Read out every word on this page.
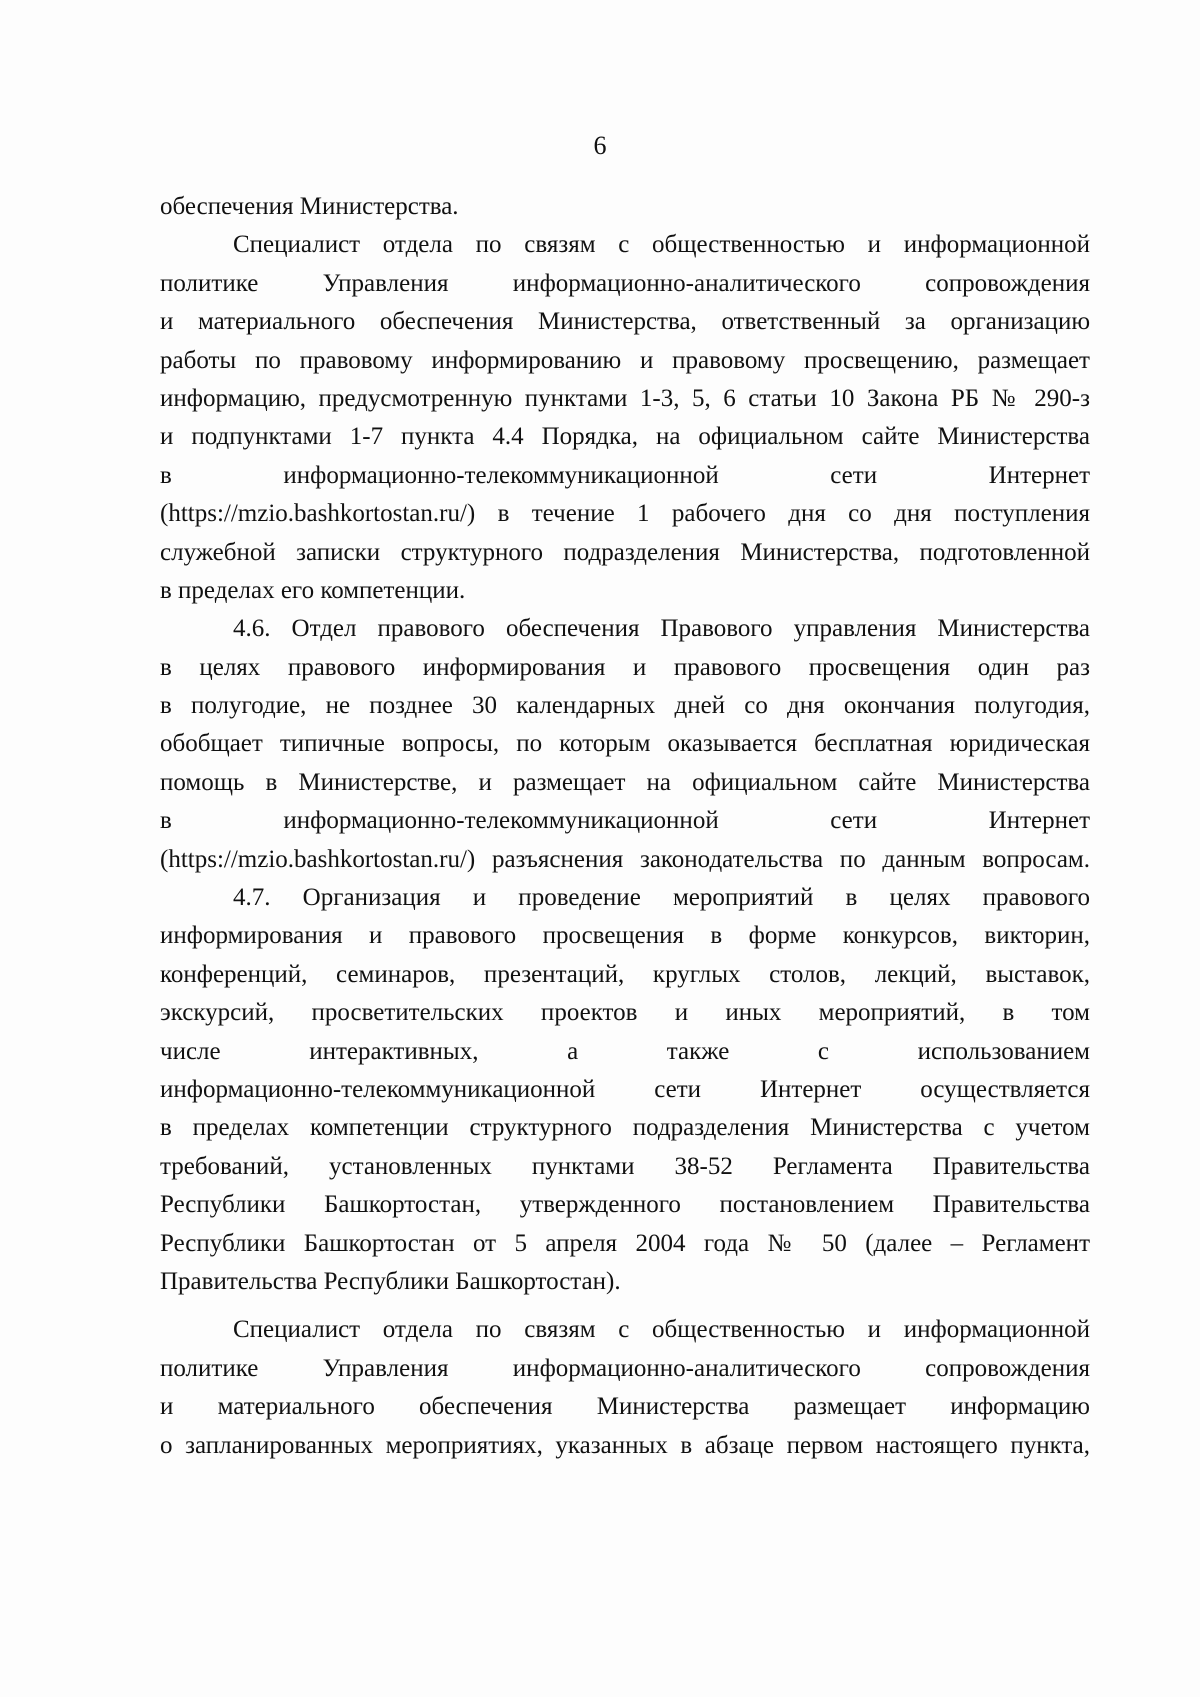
6
обеспечения Министерства.
Специалист отдела по связям с общественностью и информационной
политике Управления информационно-аналитического сопровождения
и материального обеспечения Министерства, ответственный за организацию
работы по правовому информированию и правовому просвещению, размещает
информацию, предусмотренную пунктами 1-3, 5, 6 статьи 10 Закона РБ № 290-з
и подпунктами 1-7 пункта 4.4 Порядка, на официальном сайте Министерства
в информационно-телекоммуникационной сети Интернет
(https://mzio.bashkortostan.ru/) в течение 1 рабочего дня со дня поступления
служебной записки структурного подразделения Министерства, подготовленной
в пределах его компетенции.
4.6. Отдел правового обеспечения Правового управления Министерства
в целях правового информирования и правового просвещения один раз
в полугодие, не позднее 30 календарных дней со дня окончания полугодия,
обобщает типичные вопросы, по которым оказывается бесплатная юридическая
помощь в Министерстве, и размещает на официальном сайте Министерства
в информационно-телекоммуникационной сети Интернет
(https://mzio.bashkortostan.ru/) разъяснения законодательства по данным вопросам.
4.7. Организация и проведение мероприятий в целях правового
информирования и правового просвещения в форме конкурсов, викторин,
конференций, семинаров, презентаций, круглых столов, лекций, выставок,
экскурсий, просветительских проектов и иных мероприятий, в том
числе интерактивных, а также с использованием
информационно-телекоммуникационной сети Интернет осуществляется
в пределах компетенции структурного подразделения Министерства с учетом
требований, установленных пунктами 38-52 Регламента Правительства
Республики Башкортостан, утвержденного постановлением Правительства
Республики Башкортостан от 5 апреля 2004 года № 50 (далее – Регламент
Правительства Республики Башкортостан).
Специалист отдела по связям с общественностью и информационной
политике Управления информационно-аналитического сопровождения
и материального обеспечения Министерства размещает информацию
о запланированных мероприятиях, указанных в абзаце первом настоящего пункта,
